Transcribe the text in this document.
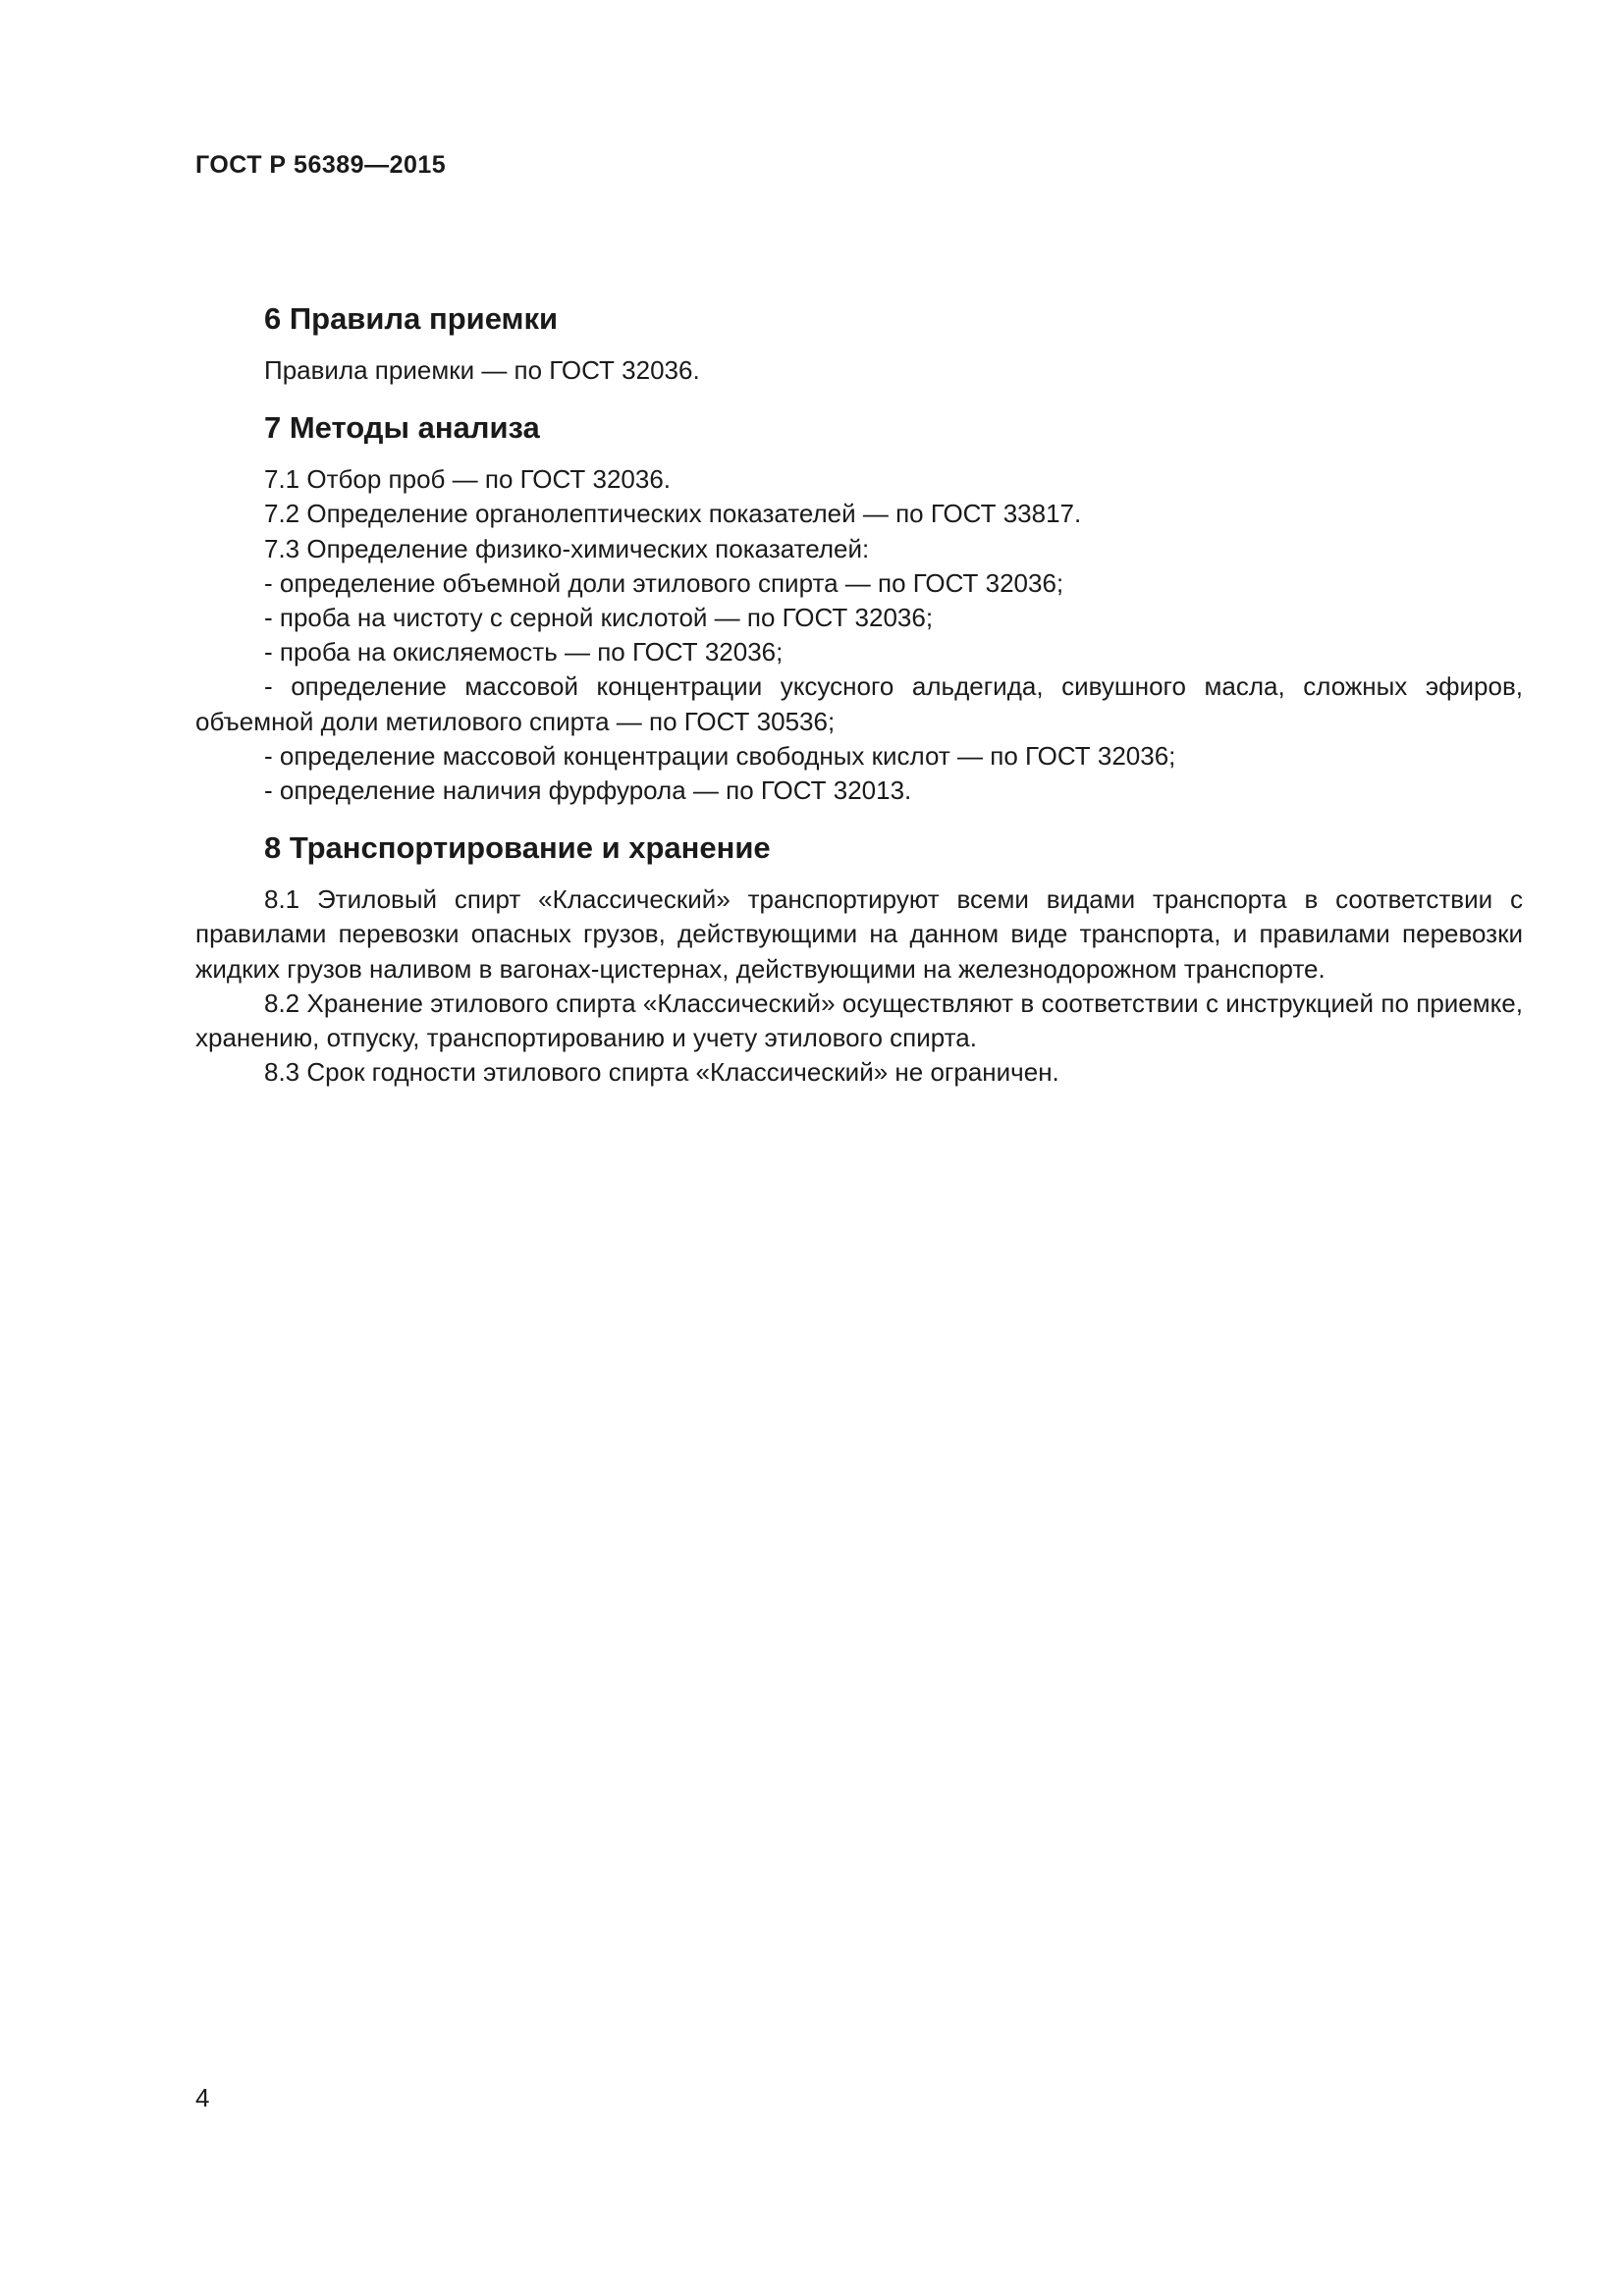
ГОСТ Р 56389—2015
6 Правила приемки

Правила приемки — по ГОСТ 32036.

7 Методы анализа

7.1 Отбор проб — по ГОСТ 32036.

7.2 Определение органолептических показателей — по ГОСТ 33817.

7.3 Определение физико-химических показателей:

- определение объемной доли этилового спирта — по ГОСТ 32036;

- проба на чистоту с серной кислотой — по ГОСТ 32036;

- проба на окисляемость — по ГОСТ 32036;

- определение массовой концентрации уксусного альдегида, сивушного масла, сложных эфиров, объемной доли метилового спирта — по ГОСТ 30536;

- определение массовой концентрации свободных кислот — по ГОСТ 32036;

- определение наличия фурфурола — по ГОСТ 32013.

8 Транспортирование и хранение

8.1 Этиловый спирт «Классический» транспортируют всеми видами транспорта в соответствии с правилами перевозки опасных грузов, действующими на данном виде транспорта, и правилами перевозки жидких грузов наливом в вагонах-цистернах, действующими на железнодорожном транспорте.

8.2 Хранение этилового спирта «Классический» осуществляют в соответствии с инструкцией по приемке, хранению, отпуску, транспортированию и учету этилового спирта.

8.3 Срок годности этилового спирта «Классический» не ограничен.

4
